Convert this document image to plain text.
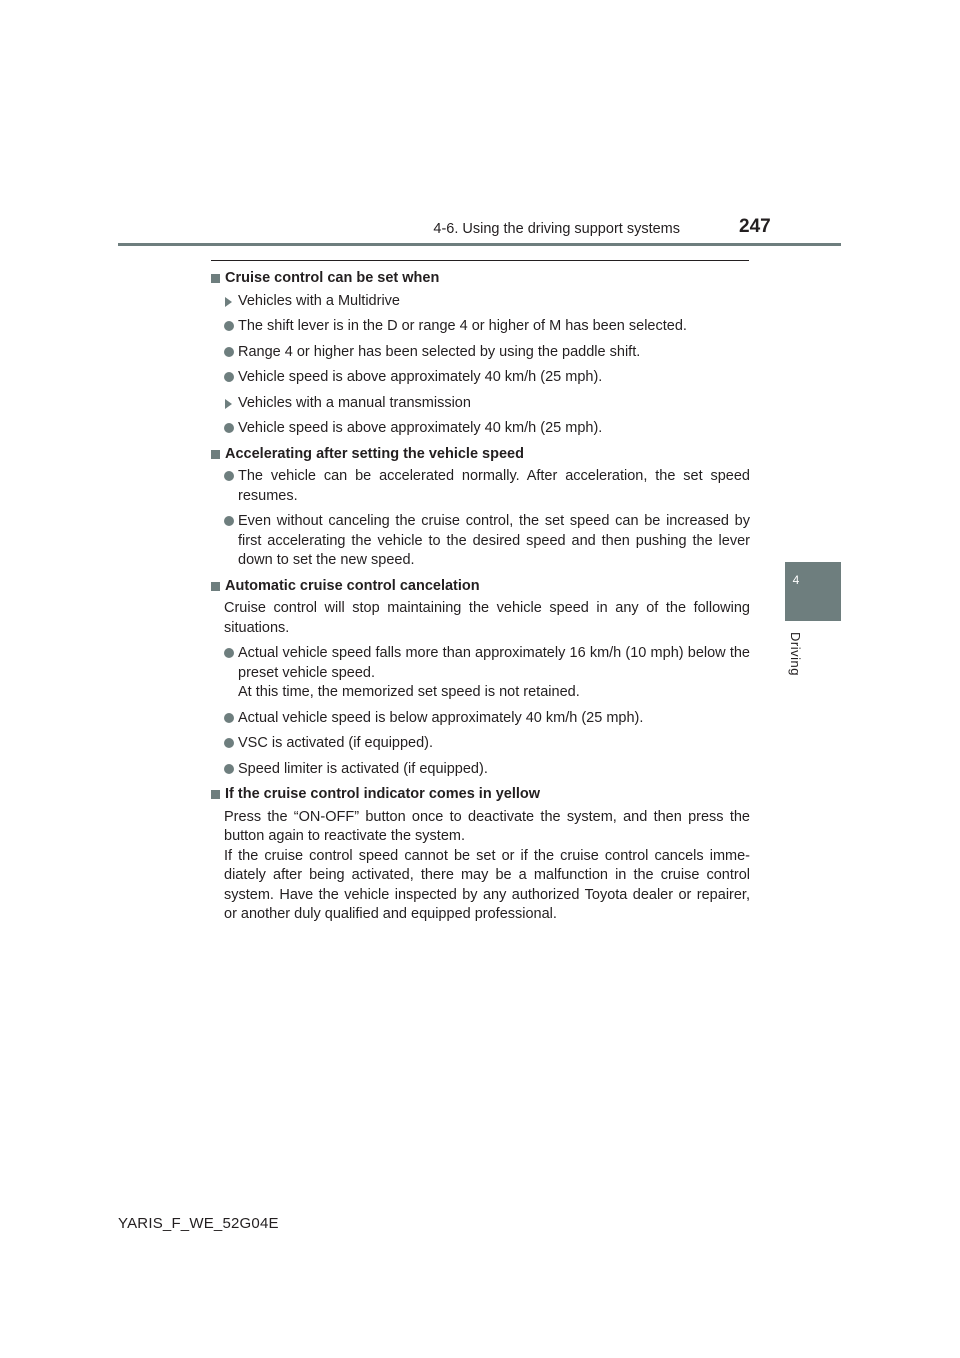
4-6. Using the driving support systems	247
4
Driving
Cruise control can be set when
Vehicles with a Multidrive
The shift lever is in the D or range 4 or higher of M has been selected.
Range 4 or higher has been selected by using the paddle shift.
Vehicle speed is above approximately 40 km/h (25 mph).
Vehicles with a manual transmission
Vehicle speed is above approximately 40 km/h (25 mph).
Accelerating after setting the vehicle speed
The vehicle can be accelerated normally. After acceleration, the set speed resumes.
Even without canceling the cruise control, the set speed can be increased by first accelerating the vehicle to the desired speed and then pushing the lever down to set the new speed.
Automatic cruise control cancelation
Cruise control will stop maintaining the vehicle speed in any of the following situations.
Actual vehicle speed falls more than approximately 16 km/h (10 mph) below the preset vehicle speed.
At this time, the memorized set speed is not retained.
Actual vehicle speed is below approximately 40 km/h (25 mph).
VSC is activated (if equipped).
Speed limiter is activated (if equipped).
If the cruise control indicator comes in yellow
Press the “ON-OFF” button once to deactivate the system, and then press the button again to reactivate the system.
If the cruise control speed cannot be set or if the cruise control cancels imme-diately after being activated, there may be a malfunction in the cruise control system. Have the vehicle inspected by any authorized Toyota dealer or repairer, or another duly qualified and equipped professional.
YARIS_F_WE_52G04E
